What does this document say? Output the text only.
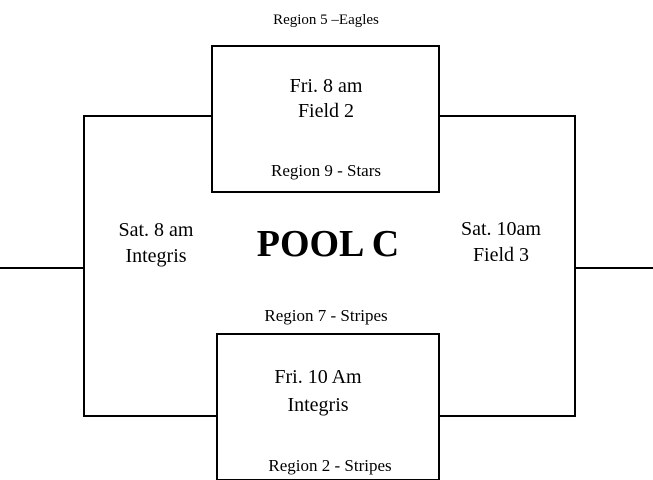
Region 5 –Eagles
Fri. 8 am
Field 2
Region 9 - Stars
Sat. 8 am
Integris POOL C	Sat. 10am
Field 3
Region 7 - Stripes
Fri. 10 Am
Integris
Region 2 - Stripes
